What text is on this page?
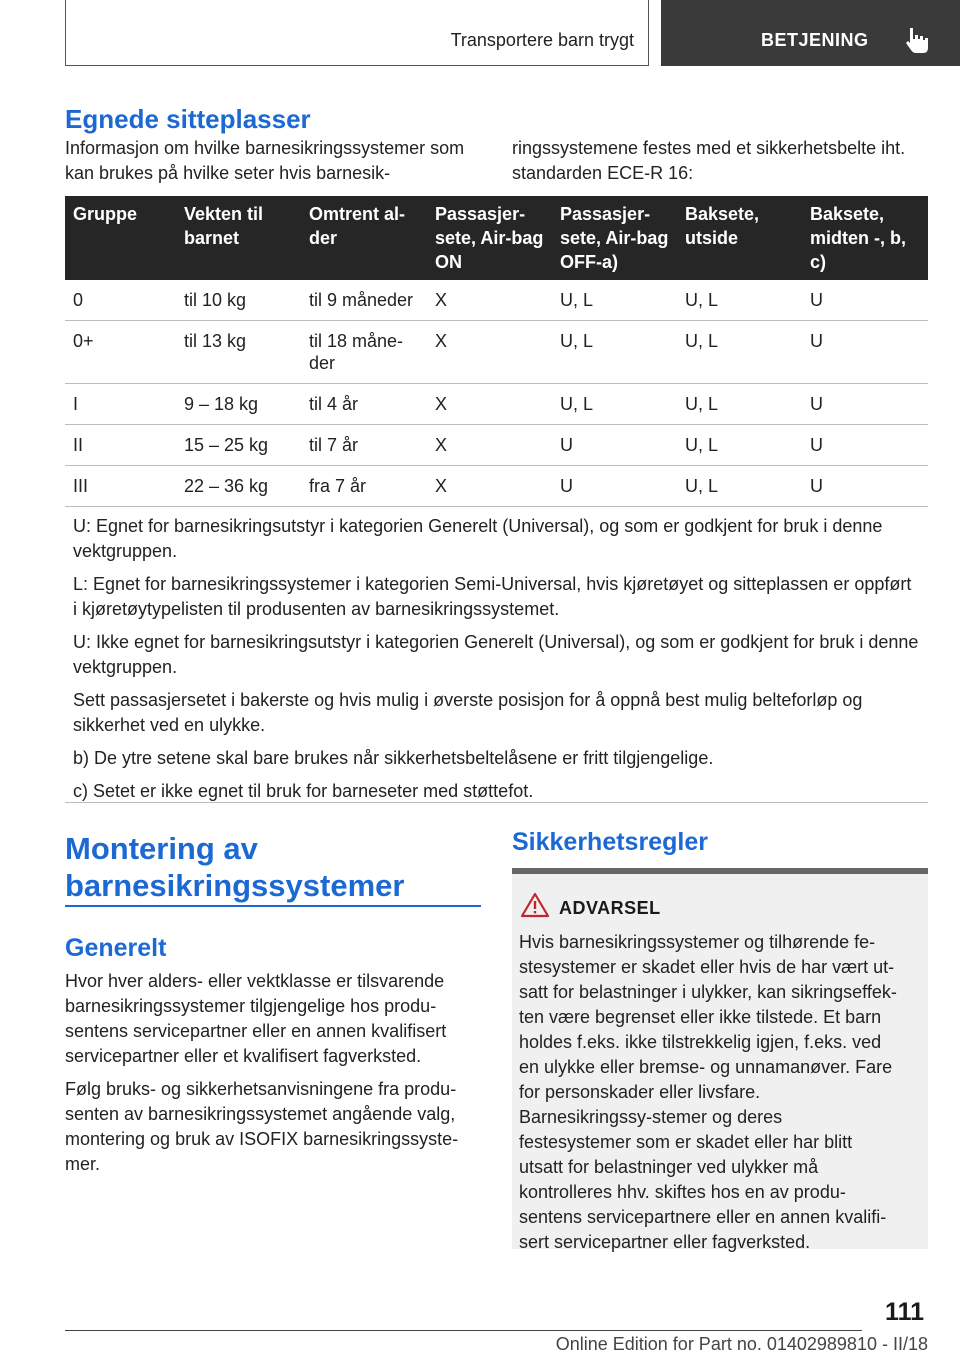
Transportere barn trygt	BETJENING
Egnede sitteplasser
Informasjon om hvilke barnesikringssystemer som kan brukes på hvilke seter hvis barnesik-
ringssystemene festes med et sikkerhetsbelte iht. standarden ECE-R 16:
Gruppe	Vekten til barnet	Omtrent al-der	Passasjer-sete, Air-bag ON	Passasjer-sete, Air-bag OFF-a)	Baksete, utside	Baksete, midten -, b, c)
0	til 10 kg	til 9 måneder	X	U, L	U, L	U
0+	til 13 kg	til 18 måne-der	X	U, L	U, L	U
I	9 – 18 kg	til 4 år	X	U, L	U, L	U
II	15 – 25 kg	til 7 år	X	U	U, L	U
III	22 – 36 kg	fra 7 år	X	U	U, L	U

U: Egnet for barnesikringsutstyr i kategorien Generelt (Universal), og som er godkjent for bruk i denne vektgruppen.

L: Egnet for barnesikringssystemer i kategorien Semi-Universal, hvis kjøretøyet og sitteplassen er oppført i kjøretøytypelisten til produsenten av barnesikringssystemet.

U: Ikke egnet for barnesikringsutstyr i kategorien Generelt (Universal), og som er godkjent for bruk i denne vektgruppen.

Sett passasjersetet i bakerste og hvis mulig i øverste posisjon for å oppnå best mulig belteforløp og sikkerhet ved en ulykke.

b) De ytre setene skal bare brukes når sikkerhetsbeltelåsene er fritt tilgjengelige.

c) Setet er ikke egnet til bruk for barneseter med støttefot.

Montering av barnesikringssystemer
Generelt

Hvor hver alders- eller vektklasse er tilsvarende barnesikringssystemer tilgjengelige hos produ-sentens servicepartner eller en annen kvalifisert servicepartner eller et kvalifisert fagverksted.

Følg bruks- og sikkerhetsanvisningene fra produ-senten av barnesikringssystemet angående valg, montering og bruk av ISOFIX barnesikringssyste-mer.

Sikkerhetsregler
ADVARSEL
Hvis barnesikringssystemer og tilhørende fe-stesystemer er skadet eller hvis de har vært ut-satt for belastninger i ulykker, kan sikringseffek-ten være begrenset eller ikke tilstede. Et barn holdes f.eks. ikke tilstrekkelig igjen, f.eks. ved en ulykke eller bremse- og unnamanøver. Fare for personskader eller livsfare. Barnesikringssy-stemer og deres festesystemer som er skadet eller har blitt utsatt for belastninger ved ulykker må kontrolleres hhv. skiftes hos en av produ-sentens servicepartnere eller en annen kvalifi-sert servicepartner eller fagverksted.
111
Online Edition for Part no. 01402989810 - II/18
